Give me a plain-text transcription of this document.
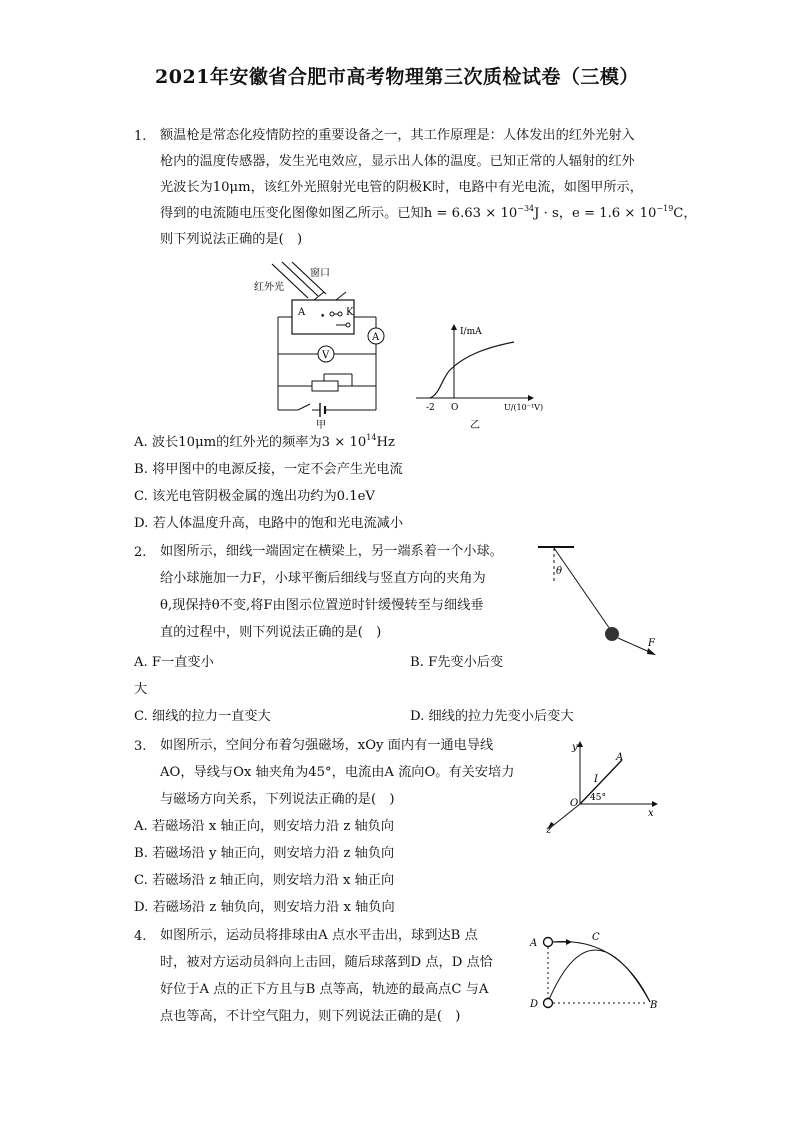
2021年安徽省合肥市高考物理第三次质检试卷（三模）
1. 额温枪是常态化疫情防控的重要设备之一，其工作原理是：人体发出的红外光射入
枪内的温度传感器，发生光电效应，显示出人体的温度。已知正常的人辐射的红外
光波长为10μm，该红外光照射光电管的阴极K时，电路中有光电流，如图甲所示，
得到的电流随电压变化图像如图乙所示。已知$h = 6.63 \times 10^{-34}J \cdot s$，$e = 1.6 \times 10^{-19}C$，
则下列说法正确的是(　)
窗口
红外光
A	K
•
A
V
甲
I/mA
U/(10⁻¹V)
-2 O
乙
A. 波长10μm的红外光的频率为$3 \times 10^{14}Hz$
B. 将甲图中的电源反接，一定不会产生光电流
C. 该光电管阴极金属的逸出功约为0.1eV
D. 若人体温度升高，电路中的饱和光电流减小
2. 如图所示，细线一端固定在横梁上，另一端系着一个小球。
给小球施加一力F，小球平衡后细线与竖直方向的夹角为
θ,现保持θ不变,将F由图示位置逆时针缓慢转至与细线垂
直的过程中，则下列说法正确的是(　)
θ
F
A. F一直变小	B. F先变小后变
大
C. 细线的拉力一直变大	D. 细线的拉力先变小后变大
3. 如图所示，空间分布着匀强磁场，xOy 面内有一通电导线
AO，导线与Ox 轴夹角为45°，电流由A 流向O。有关安培力
与磁场方向关系，下列说法正确的是(　)
y
x
z
A
O
I
45°
A. 若磁场沿 x 轴正向，则安培力沿 z 轴负向
B. 若磁场沿 y 轴正向，则安培力沿 z 轴负向
C. 若磁场沿 z 轴正向，则安培力沿 x 轴正向
D. 若磁场沿 z 轴负向，则安培力沿 x 轴负向
4. 如图所示，运动员将排球由A 点水平击出，球到达B 点
时，被对方运动员斜向上击回，随后球落到D 点，D 点恰
好位于A 点的正下方且与B 点等高，轨迹的最高点C 与A
点也等高，不计空气阻力，则下列说法正确的是(　)
A
C
D	B
